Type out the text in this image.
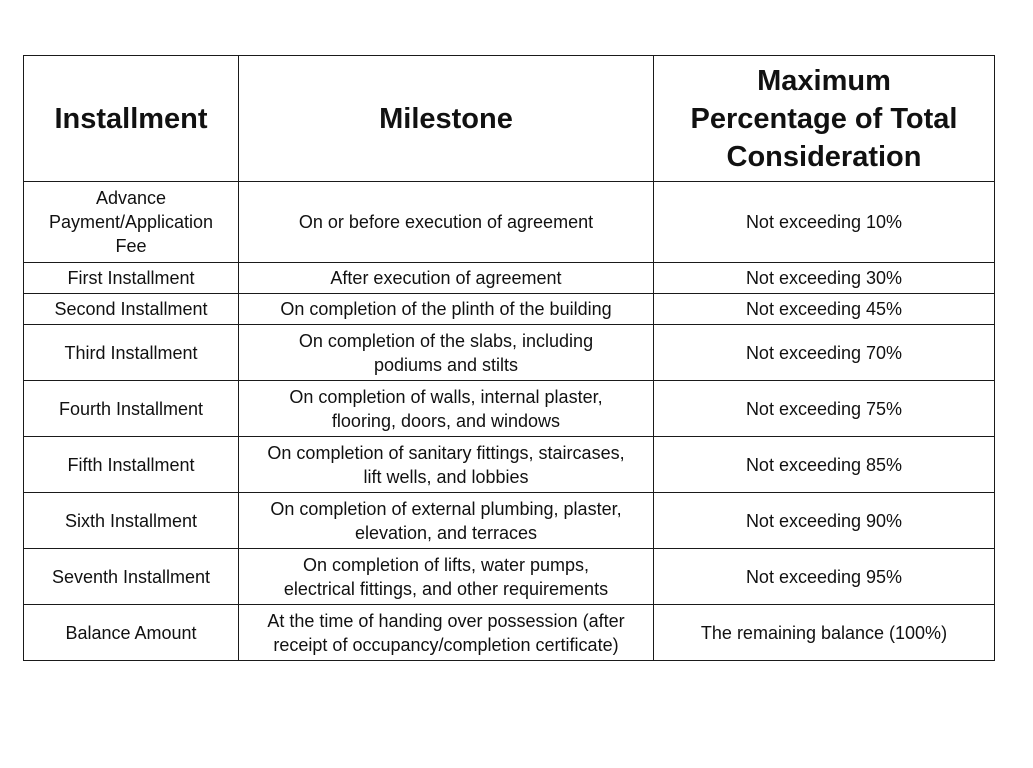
Installment	Milestone	Maximum
Percentage of Total
Consideration
Advance
Payment/Application
Fee	On or before execution of agreement	Not exceeding 10%
First Installment	After execution of agreement	Not exceeding 30%
Second Installment	On completion of the plinth of the building	Not exceeding 45%
Third Installment	On completion of the slabs, including
podiums and stilts	Not exceeding 70%
Fourth Installment	On completion of walls, internal plaster,
flooring, doors, and windows	Not exceeding 75%
Fifth Installment	On completion of sanitary fittings, staircases,
lift wells, and lobbies	Not exceeding 85%
Sixth Installment	On completion of external plumbing, plaster,
elevation, and terraces	Not exceeding 90%
Seventh Installment	On completion of lifts, water pumps,
electrical fittings, and other requirements	Not exceeding 95%
Balance Amount	At the time of handing over possession (after
receipt of occupancy/completion certificate)	The remaining balance (100%)
